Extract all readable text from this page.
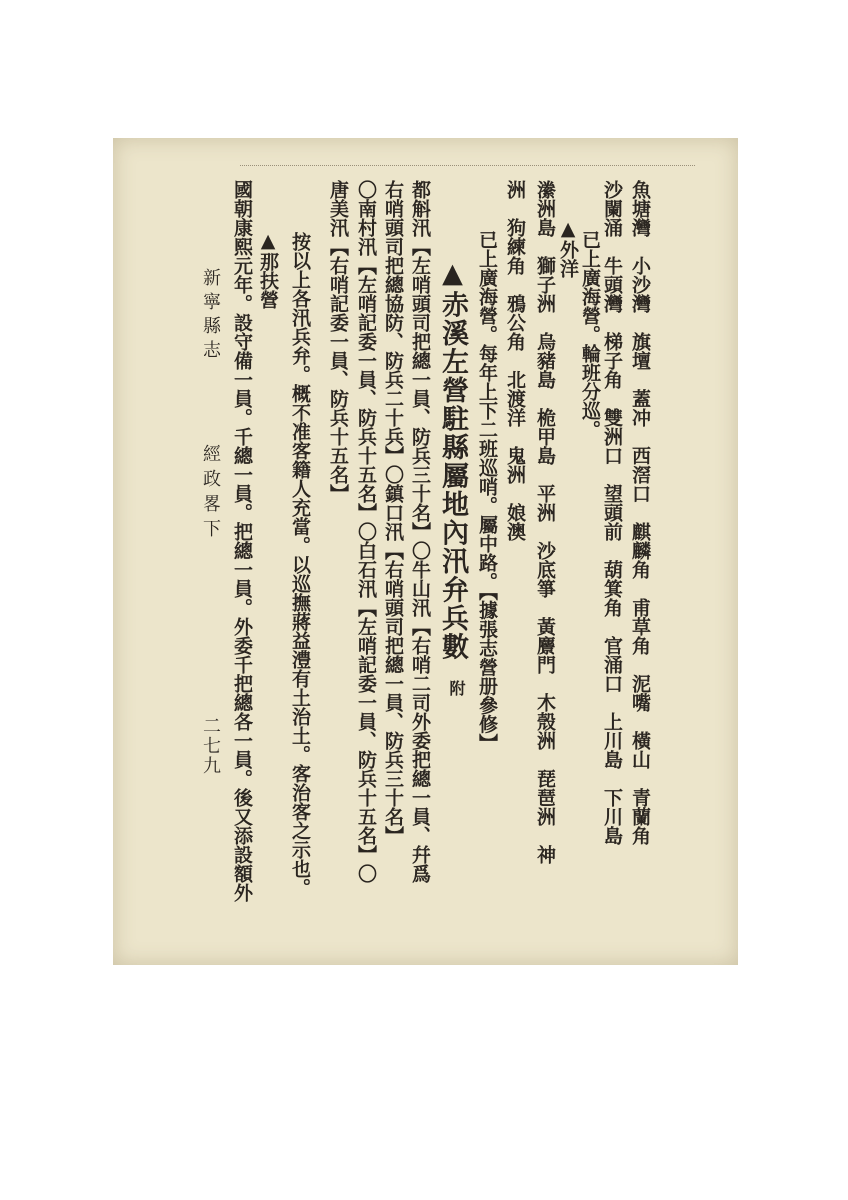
魚塘灣　小沙灣　旗壇　蓋冲　西滘口　麒麟角　甫草角　泥嘴　橫山　青蘭角
沙闌涌　牛頭灣　梯子角　雙洲口　望頭前　葫箕角　官涌口　上川島　下川島
已上廣海營。輪班分巡。
▲外洋
潫洲島　獅子洲　烏豬島　桅甲島　平洲　沙底箏　黃麖門　木殼洲　琵琶洲　神
洲　狗練角　鴉公角　北渡洋　鬼洲　娘澳
已上廣海營。每年上下二班巡哨。屬中路。【據張志營册參修】
▲赤溪左營駐縣屬地內汛弁兵數
附
都斛汛【左哨頭司把總一員、防兵三十名】〇牛山汛【右哨二司外委把總一員、幷爲
右哨頭司把總協防、防兵二十兵】〇鎮口汛【右哨頭司把總一員、防兵三十名】
〇南村汛【左哨記委一員、防兵十五名】〇白石汛【左哨記委一員、防兵十五名】〇
唐美汛【右哨記委一員、防兵十五名】
按以上各汛兵弁。概不准客籍人充當。以巡撫蔣益澧有土治土。客治客之示也。
▲那扶營
國朝康熙元年。設守備一員。千總一員。把總一員。外委千把總各一員。後又添設額外
新寧縣志
經政畧下
二七九
